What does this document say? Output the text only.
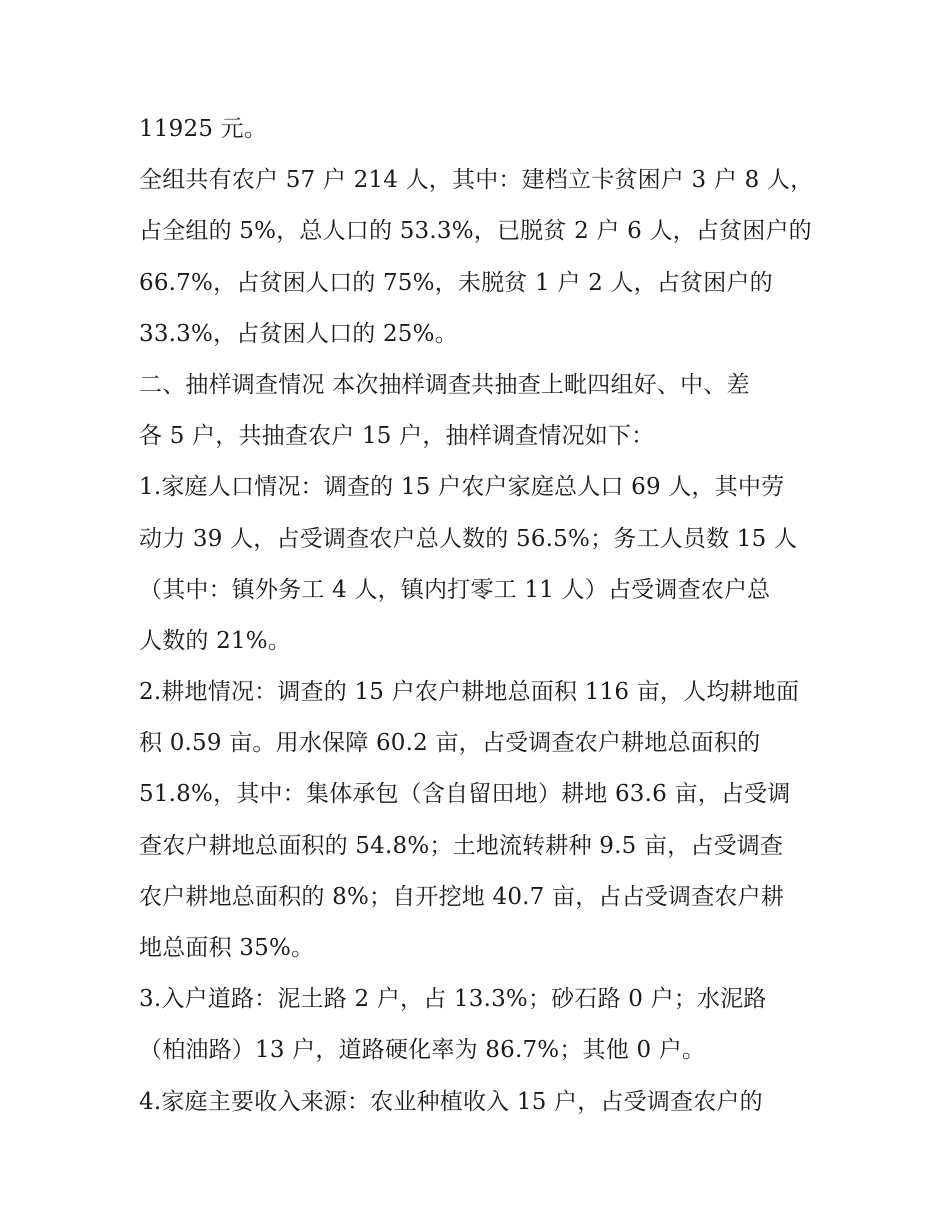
11925 元。
全组共有农户 57 户 214 人，其中：建档立卡贫困户 3 户 8 人，
占全组的 5%，总人口的 53.3%，已脱贫 2 户 6 人，占贫困户的
66.7%，占贫困人口的 75%，未脱贫 1 户 2 人，占贫困户的
33.3%，占贫困人口的 25%。
二、抽样调查情况 本次抽样调查共抽查上毗四组好、中、差
各 5 户，共抽查农户 15 户，抽样调查情况如下：
1.家庭人口情况：调查的 15 户农户家庭总人口 69 人，其中劳
动力 39 人，占受调查农户总人数的 56.5%；务工人员数 15 人
（其中：镇外务工 4 人，镇内打零工 11 人）占受调查农户总
人数的 21%。
2.耕地情况：调查的 15 户农户耕地总面积 116 亩，人均耕地面
积 0.59 亩。用水保障 60.2 亩，占受调查农户耕地总面积的
51.8%，其中：集体承包（含自留田地）耕地 63.6 亩，占受调
查农户耕地总面积的 54.8%；土地流转耕种 9.5 亩，占受调查
农户耕地总面积的 8%；自开挖地 40.7 亩，占占受调查农户耕
地总面积 35%。
3.入户道路：泥土路 2 户，占 13.3%；砂石路 0 户；水泥路
（柏油路）13 户，道路硬化率为 86.7%；其他 0 户。
4.家庭主要收入来源：农业种植收入 15 户，占受调查农户的
